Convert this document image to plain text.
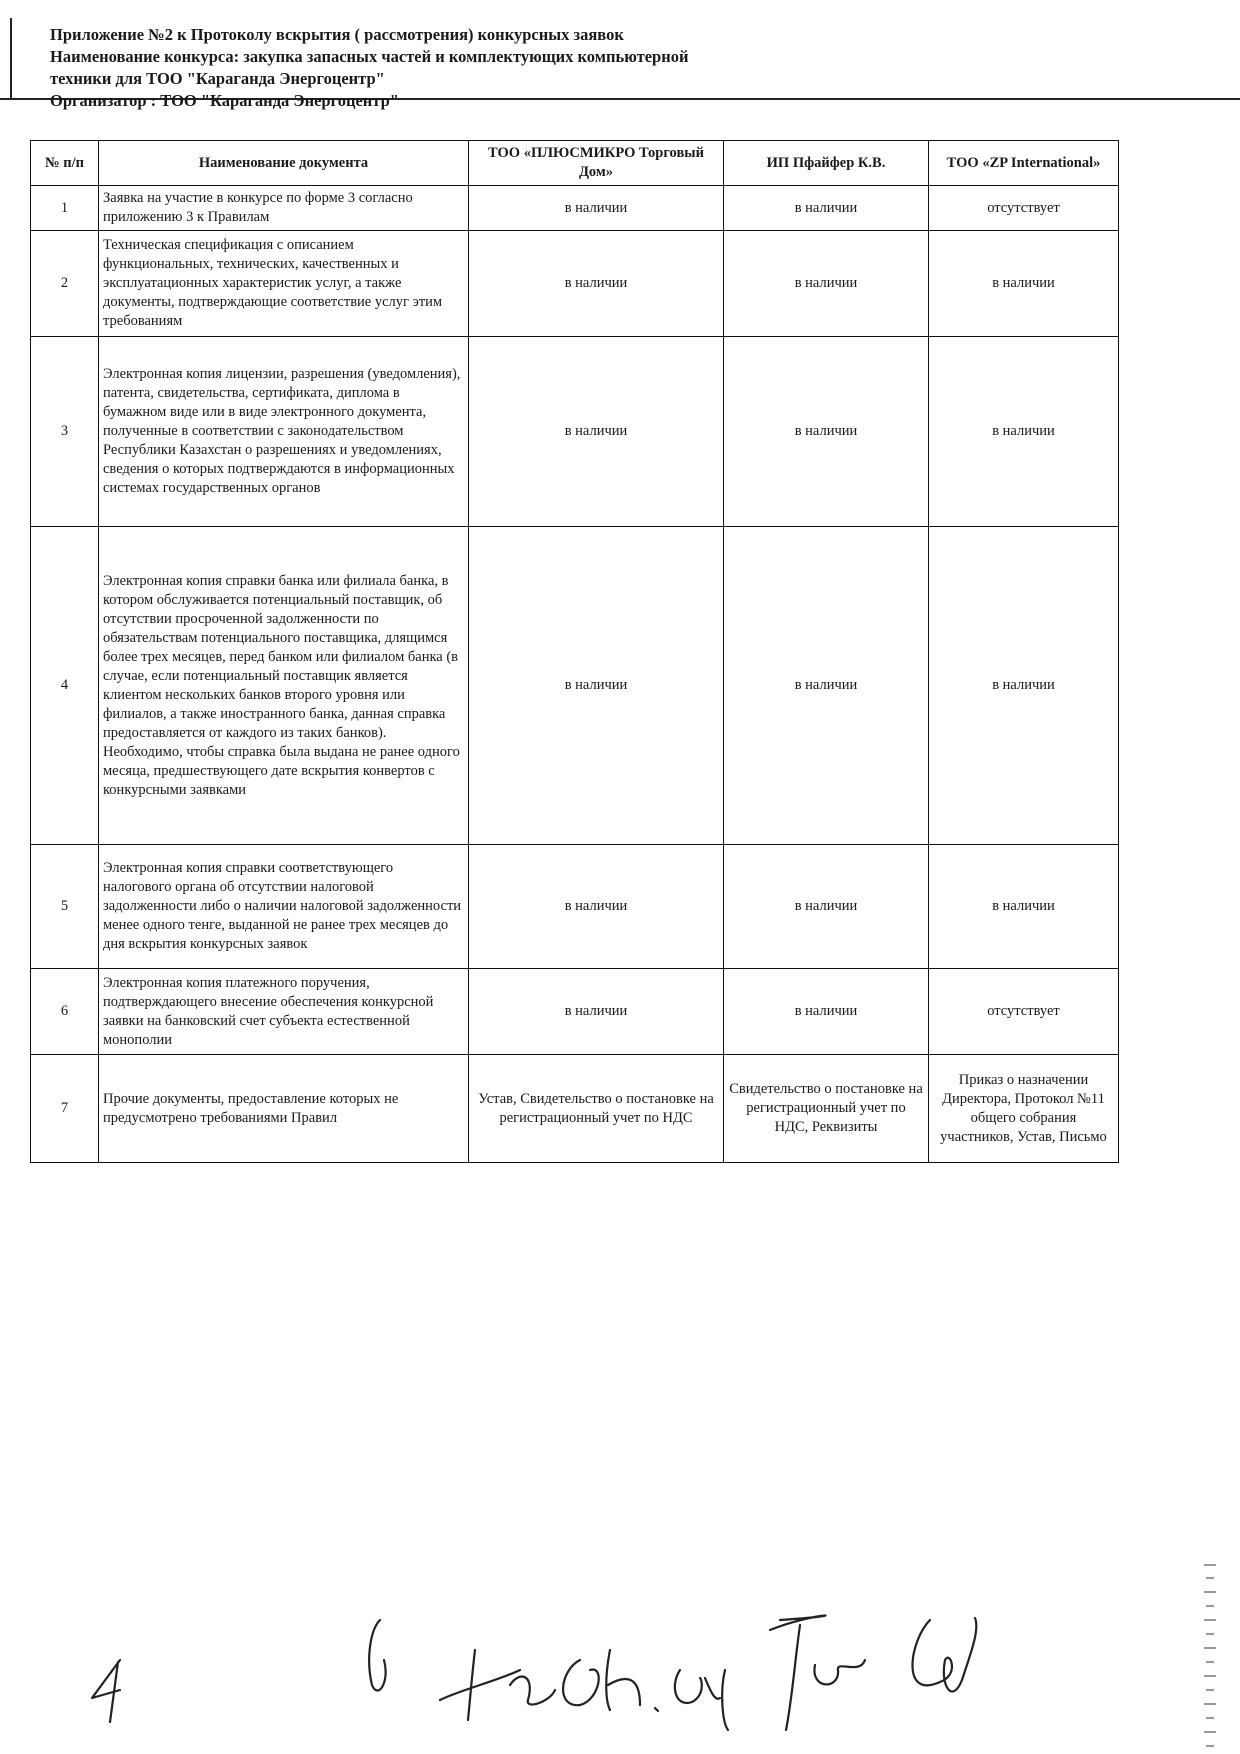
Приложение №2 к Протоколу вскрытия ( рассмотрения) конкурсных заявок
Наименование конкурса: закупка запасных частей и комплектующих компьютерной
техники для ТОО "Караганда Энергоцентр"
Организатор : ТОО "Караганда Энергоцентр"
№ п/п	Наименование документа	ТОО «ПЛЮСМИКРО Торговый Дом»	ИП Пфайфер К.В.	ТОО «ZP International»
1	Заявка на участие в конкурсе по форме 3 согласно приложению 3 к Правилам	в наличии	в наличии	отсутствует
2	Техническая спецификация с описанием функциональных, технических, качественных и эксплуатационных характеристик услуг, а также документы, подтверждающие соответствие услуг этим требованиям	в наличии	в наличии	в наличии
3	Электронная копия лицензии, разрешения (уведомления), патента, свидетельства, сертификата, диплома в бумажном виде или в виде электронного документа, полученные в соответствии с законодательством Республики Казахстан о разрешениях и уведомлениях, сведения о которых подтверждаются в информационных системах государственных органов	в наличии	в наличии	в наличии
4	Электронная копия справки банка или филиала банка, в котором обслуживается потенциальный поставщик, об отсутствии просроченной задолженности по обязательствам потенциального поставщика, длящимся более трех месяцев, перед банком или филиалом банка (в случае, если потенциальный поставщик является клиентом нескольких банков второго уровня или филиалов, а также иностранного банка, данная справка предоставляется от каждого из таких банков). Необходимо, чтобы справка была выдана не ранее одного месяца, предшествующего дате вскрытия конвертов с конкурсными заявками	в наличии	в наличии	в наличии
5	Электронная копия справки соответствующего налогового органа об отсутствии налоговой задолженности либо о наличии налоговой задолженности менее одного тенге, выданной не ранее трех месяцев до дня вскрытия конкурсных заявок	в наличии	в наличии	в наличии
6	Электронная копия платежного поручения, подтверждающего внесение обеспечения конкурсной заявки на банковский счет субъекта естественной монополии	в наличии	в наличии	отсутствует
7	Прочие документы, предоставление которых не предусмотрено требованиями Правил	Устав, Свидетельство о постановке на регистрационный учет по НДС	Свидетельство о постановке на регистрационный учет по НДС, Реквизиты	Приказ о назначении Директора, Протокол №11 общего собрания участников, Устав, Письмо
